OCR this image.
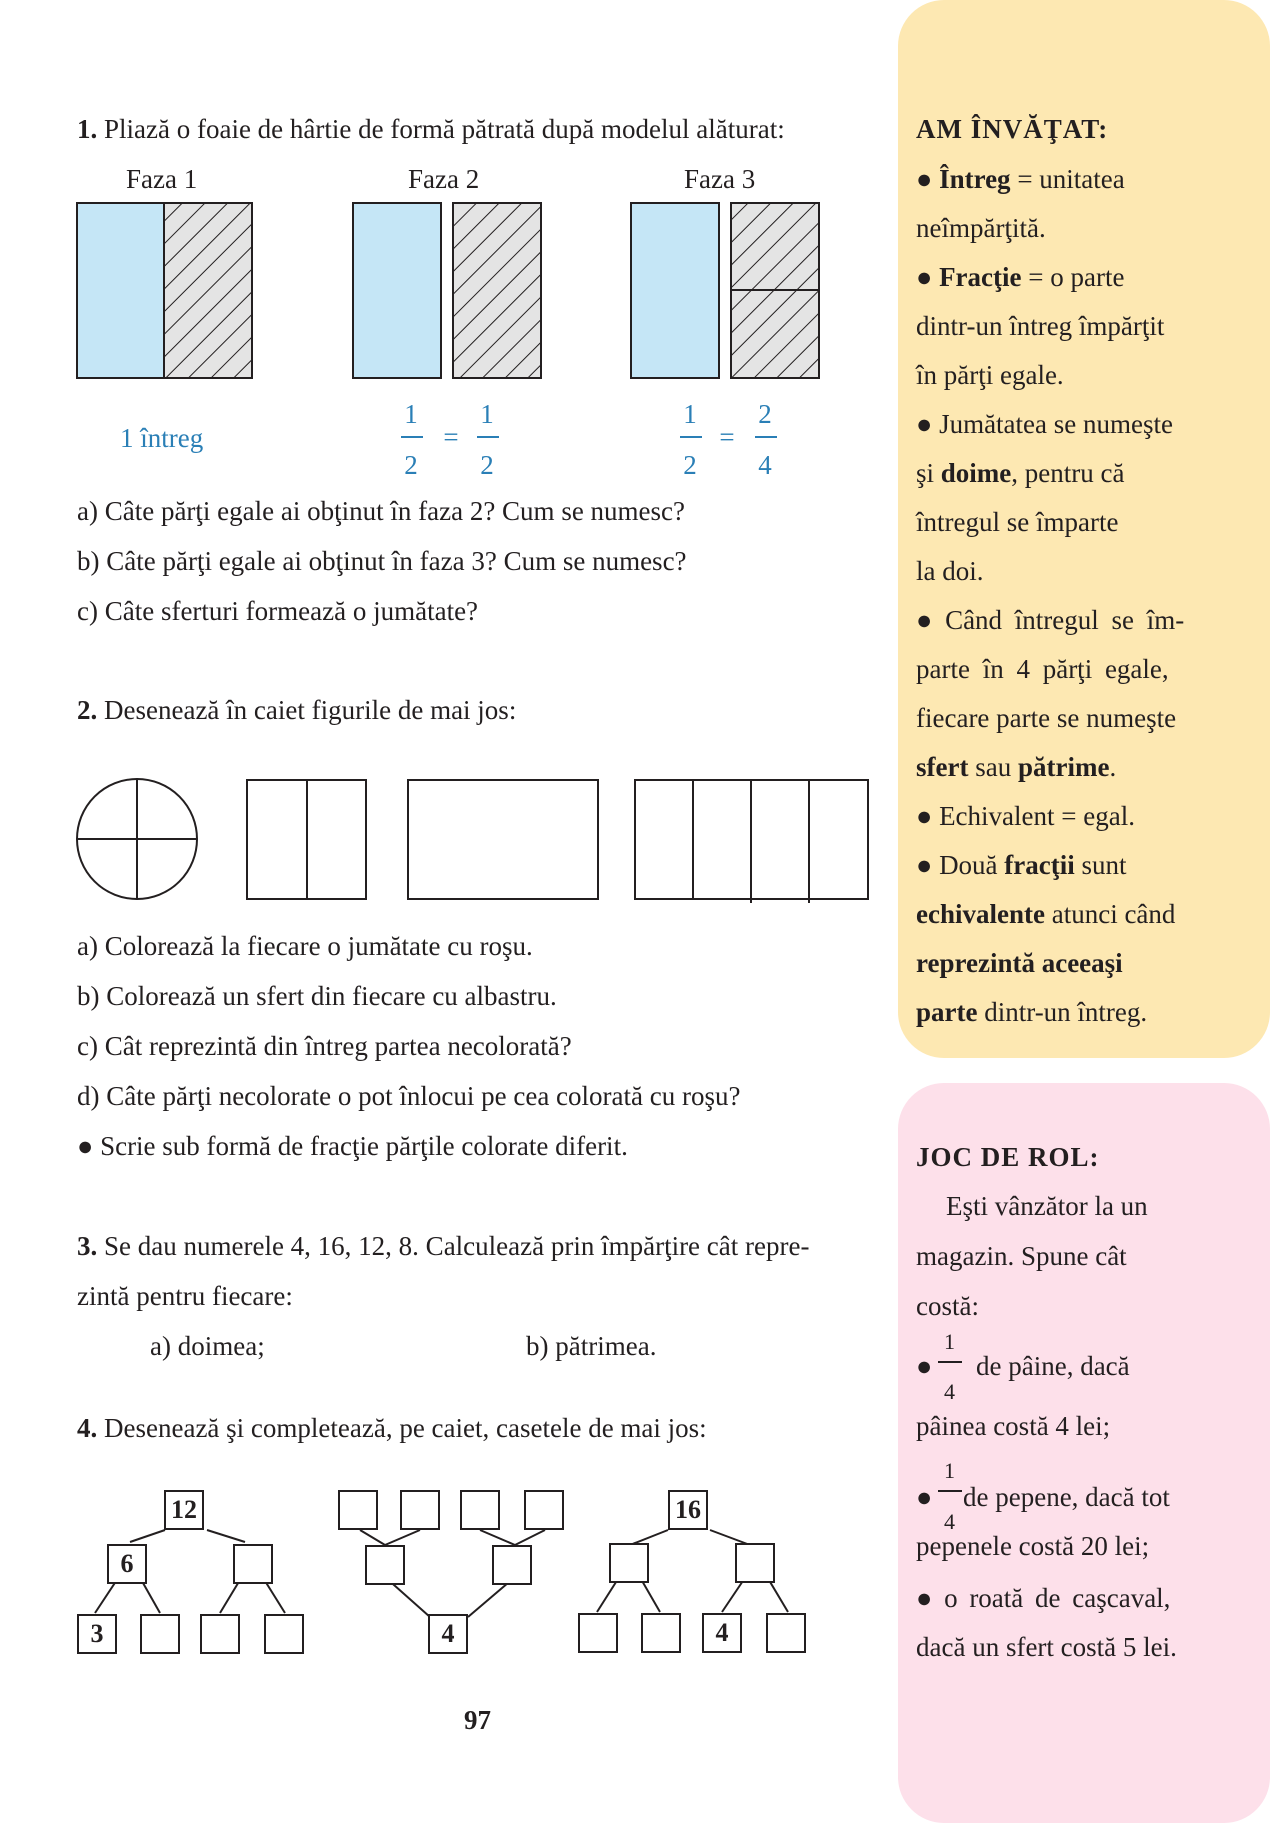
1. Pliază o foaie de hârtie de formă pătrată după modelul alăturat:
Faza 1	Faza 2	Faza 3
1 întreg
1
2
=
1
2
1
2
=
2
4
a) Câte părţi egale ai obţinut în faza 2? Cum se numesc?
b) Câte părţi egale ai obţinut în faza 3? Cum se numesc?
c) Câte sferturi formează o jumătate?
2. Desenează în caiet figurile de mai jos:
a) Colorează la fiecare o jumătate cu roşu.
b) Colorează un sfert din fiecare cu albastru.
c) Cât reprezintă din întreg partea necolorată?
d) Câte părţi necolorate o pot înlocui pe cea colorată cu roşu?
● Scrie sub formă de fracţie părţile colorate diferit.
3. Se dau numerele 4, 16, 12, 8. Calculează prin împărţire cât repre-
zintă pentru fiecare:
a) doimea;	b) pătrimea.
4. Desenează şi completează, pe caiet, casetele de mai jos:
12
6
3	4
16
4
97
AM ÎNVĂŢAT:
● Întreg = unitatea
neîmpărţită.
● Fracţie = o parte
dintr-un întreg împărţit
în părţi egale.
● Jumătatea se numeşte
şi doime, pentru că
întregul se împarte
la doi.
● Când întregul se îm-
parte în 4 părţi egale,
fiecare parte se numeşte
sfert sau pătrime.
● Echivalent = egal.
● Două fracţii sunt
echivalente atunci când
reprezintă aceeaşi
parte dintr-un întreg.
JOC DE ROL:
Eşti vânzător la un
magazin. Spune cât
costă:
●
1
4
de pâine, dacă
pâinea costă 4 lei;
●
1
4
de pepene, dacă tot
pepenele costă 20 lei;
● o roată de caşcaval,
dacă un sfert costă 5 lei.
